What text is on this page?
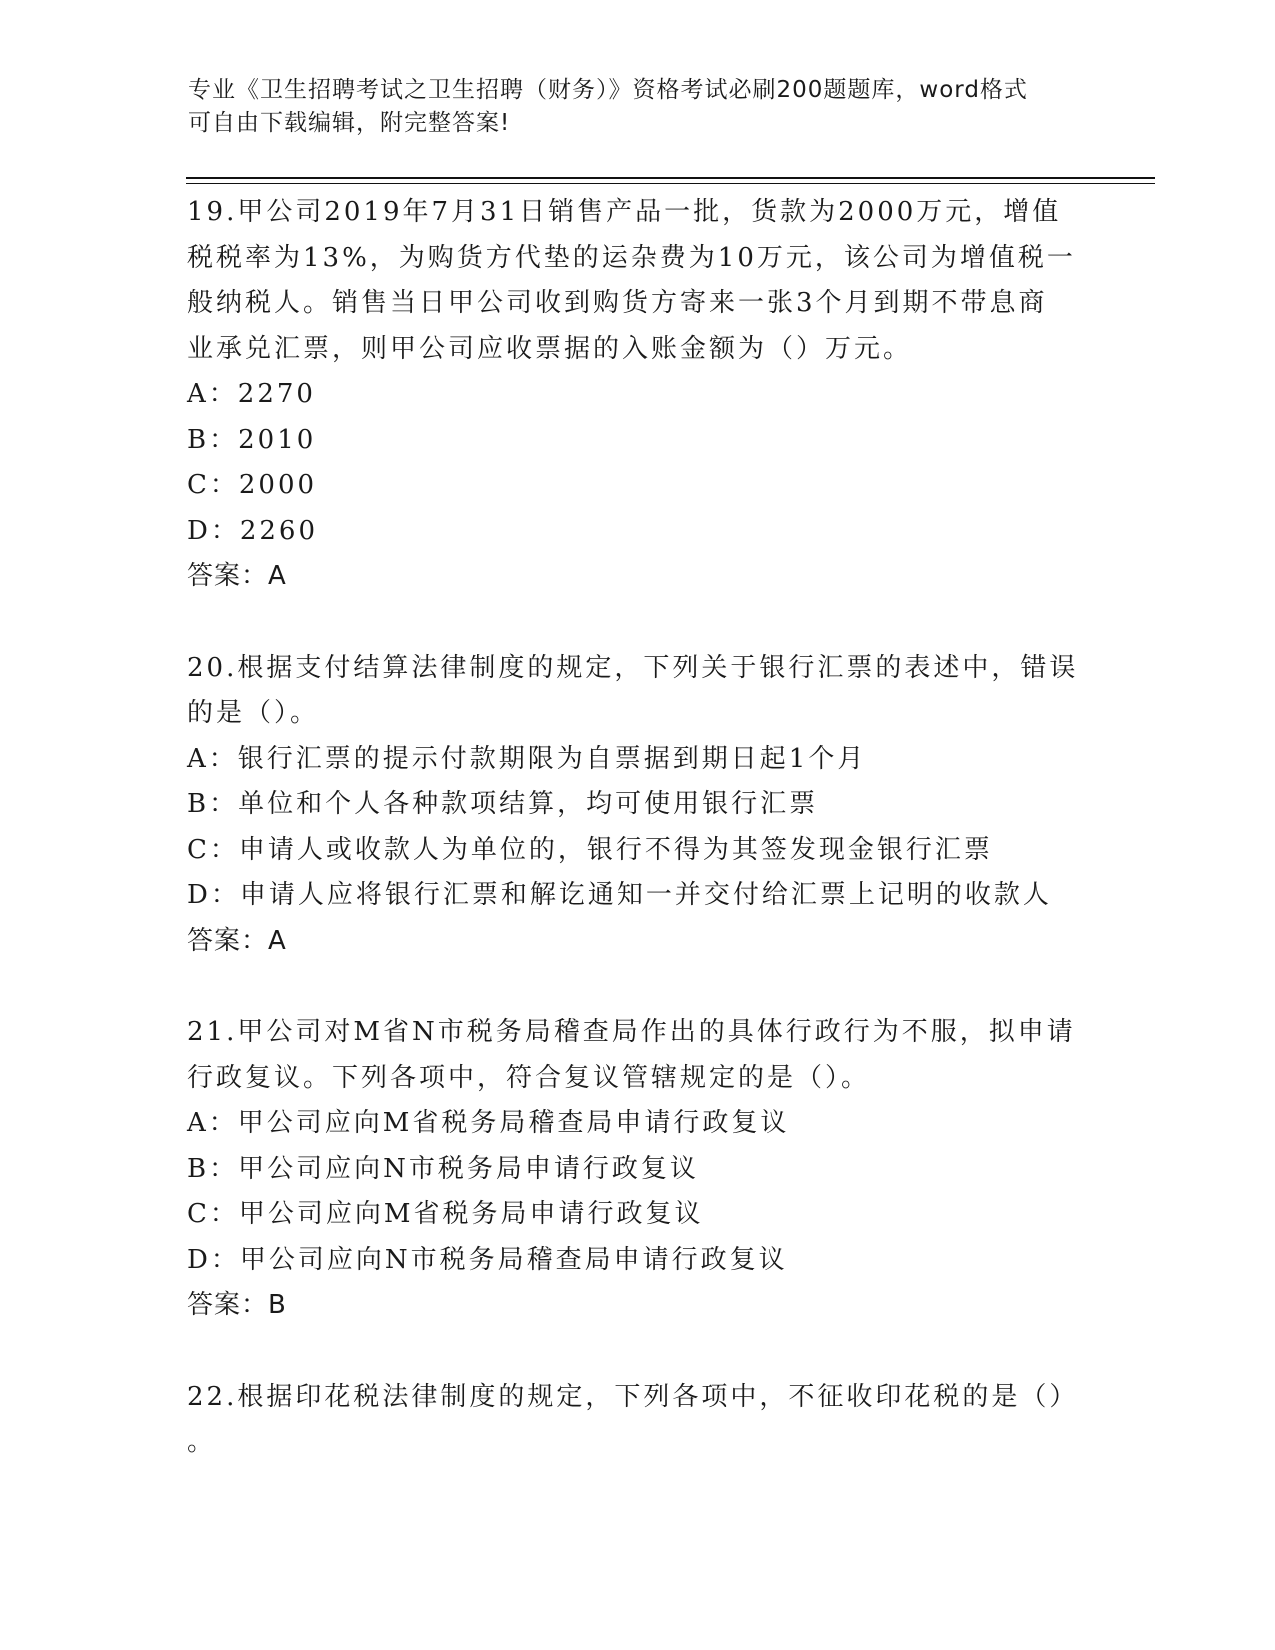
专业《卫生招聘考试之卫生招聘（财务）》资格考试必刷200题题库，word格式
可自由下载编辑，附完整答案!
19.甲公司2019年7月31日销售产品一批，货款为2000万元，增值
税税率为13%，为购货方代垫的运杂费为10万元，该公司为增值税一
般纳税人。销售当日甲公司收到购货方寄来一张3个月到期不带息商
业承兑汇票，则甲公司应收票据的入账金额为（）万元。
A：2270
B：2010
C：2000
D：2260
答案：A
20.根据支付结算法律制度的规定，下列关于银行汇票的表述中，错误
的是（）。
A：银行汇票的提示付款期限为自票据到期日起1个月
B：单位和个人各种款项结算，均可使用银行汇票
C：申请人或收款人为单位的，银行不得为其签发现金银行汇票
D：申请人应将银行汇票和解讫通知一并交付给汇票上记明的收款人
答案：A
21.甲公司对M省N市税务局稽查局作出的具体行政行为不服，拟申请
行政复议。下列各项中，符合复议管辖规定的是（）。
A：甲公司应向M省税务局稽查局申请行政复议
B：甲公司应向N市税务局申请行政复议
C：甲公司应向M省税务局申请行政复议
D：甲公司应向N市税务局稽查局申请行政复议
答案：B
22.根据印花税法律制度的规定，下列各项中，不征收印花税的是（）
。
